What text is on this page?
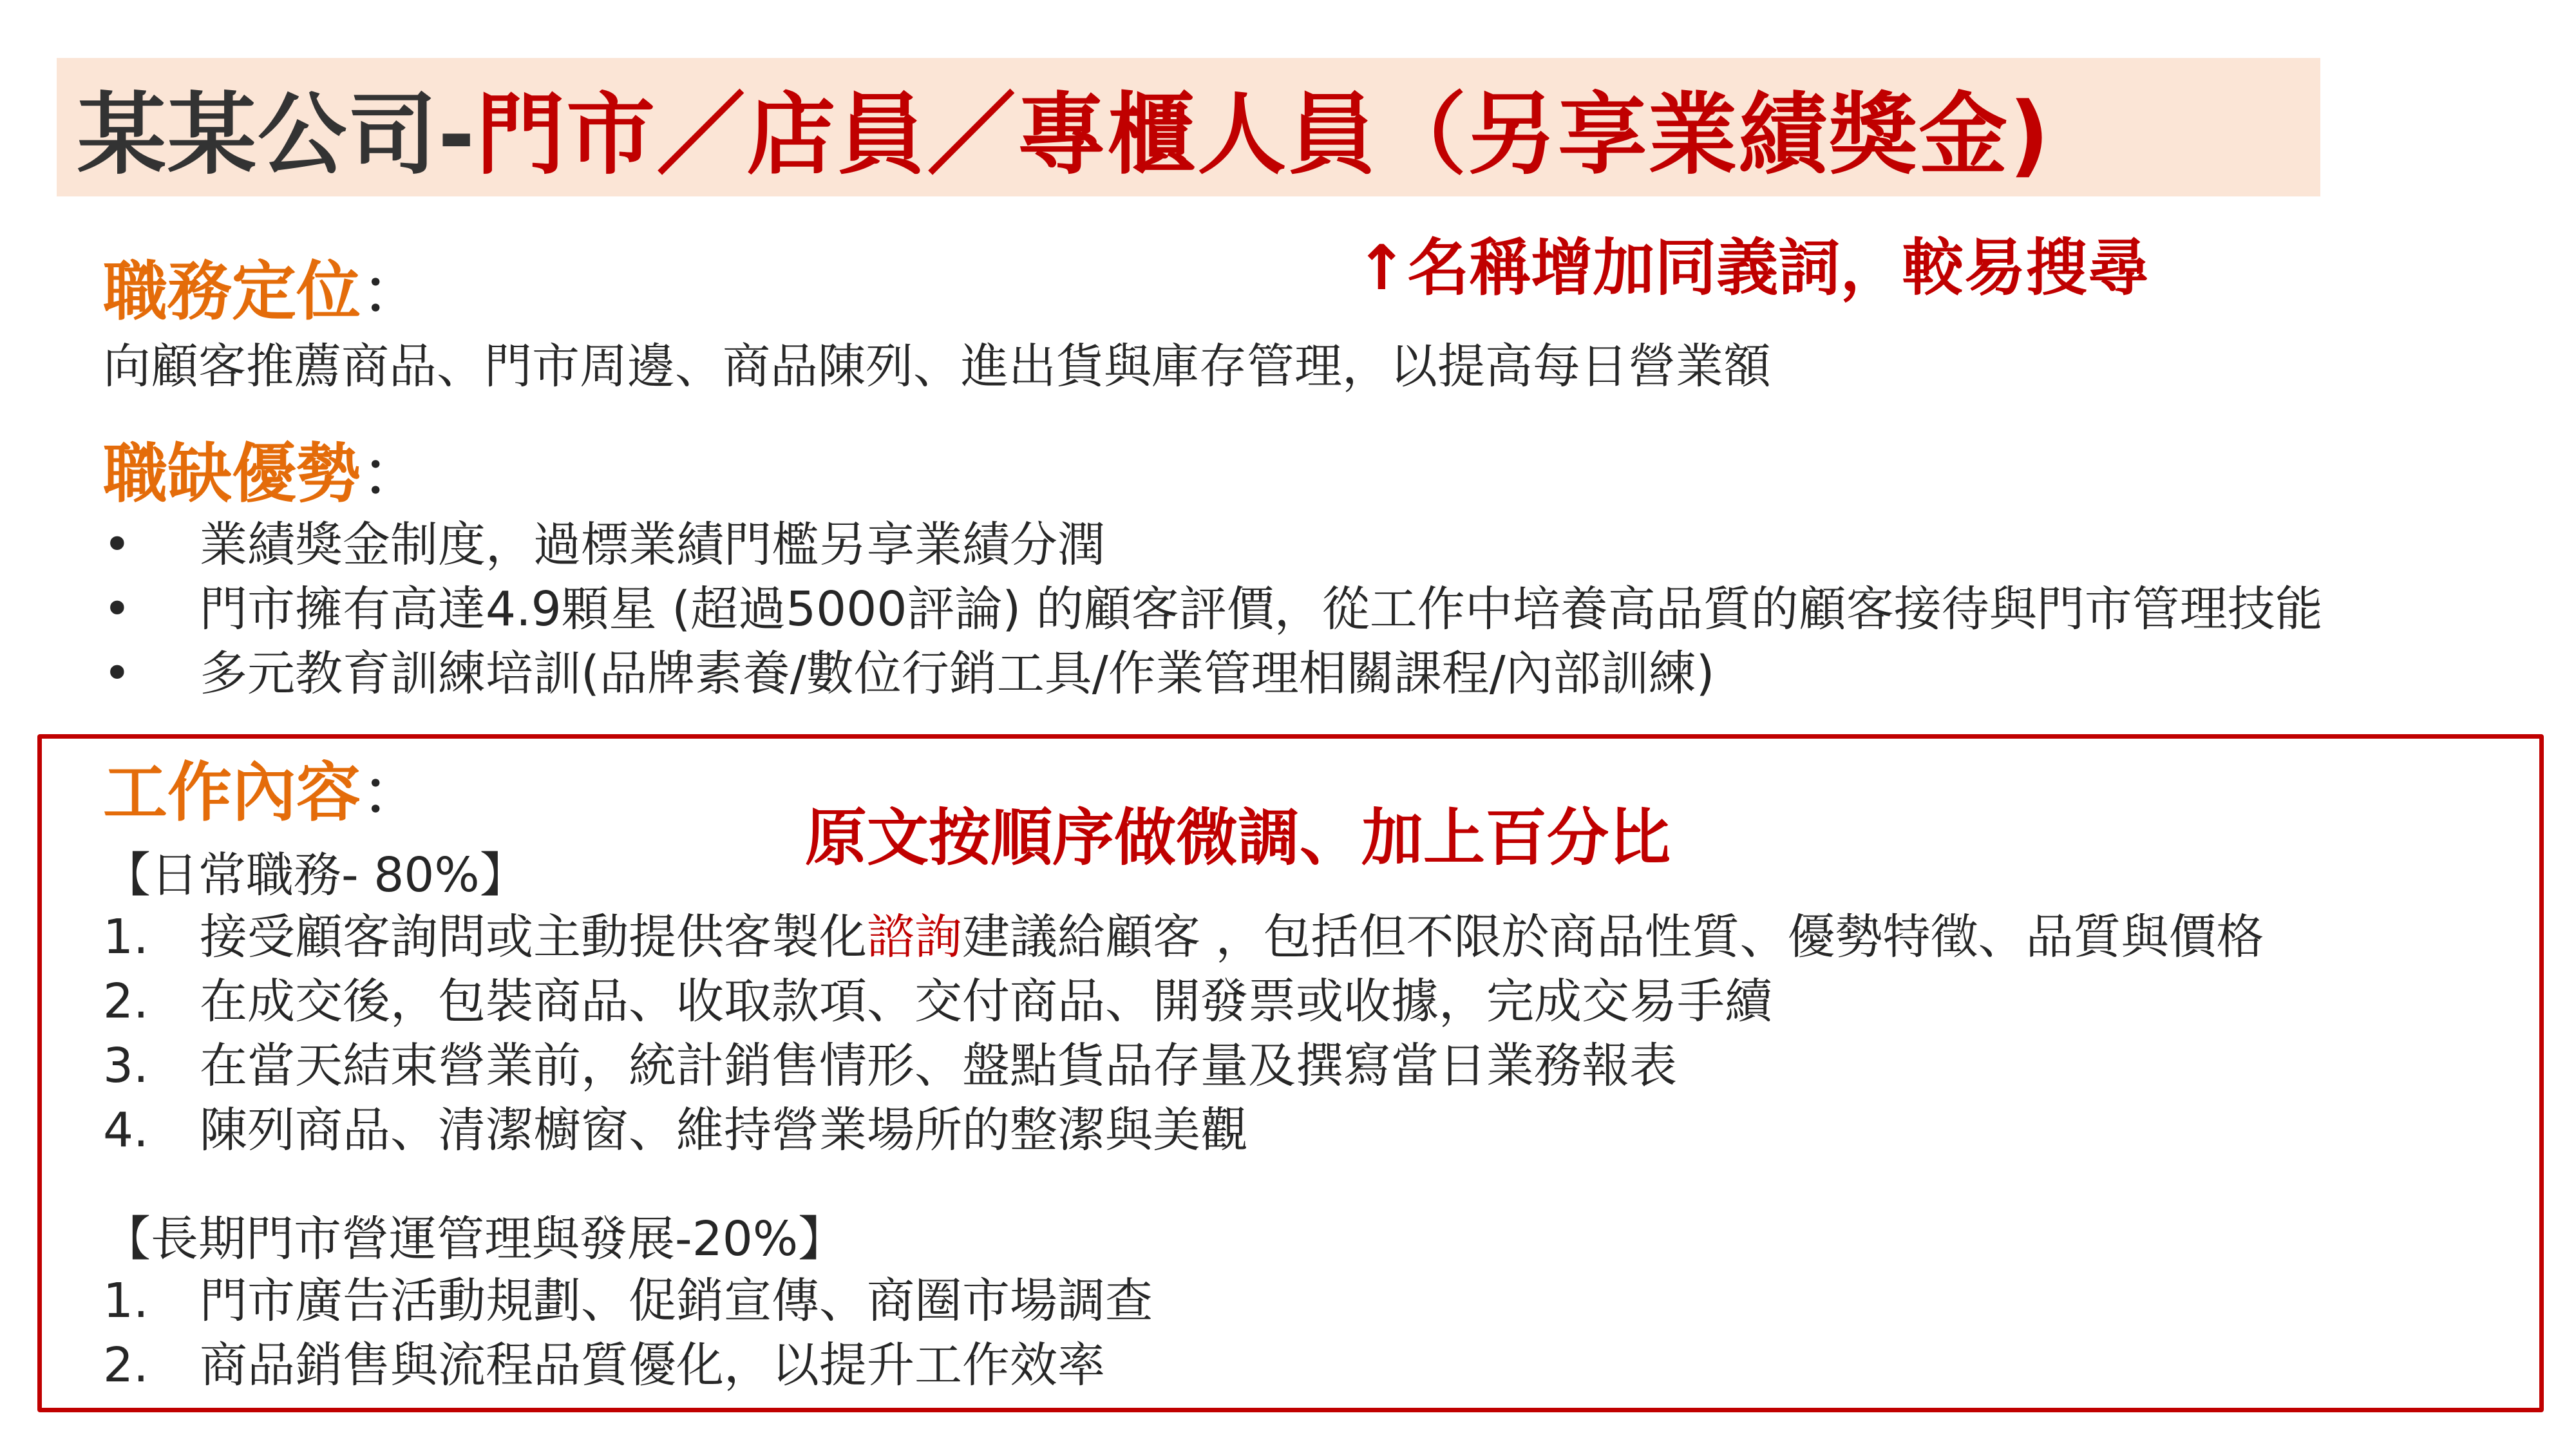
某某公司- 門市／店員／專櫃人員（另享業績獎金)
↑名稱增加同義詞，較易搜尋
職務定位：
向顧客推薦商品、門市周邊、商品陳列、進出貨與庫存管理，以提高每日營業額
職缺優勢：
•	業績獎金制度，過標業績門檻另享業績分潤
•	門市擁有高達4.9顆星 (超過5000評論) 的顧客評價，從工作中培養高品質的顧客接待與門市管理技能
•	多元教育訓練培訓(品牌素養/數位行銷工具/作業管理相關課程/內部訓練)
工作內容：
原文按順序做微調、加上百分比
【日常職務- 80%】
1.	接受顧客詢問或主動提供客製化諮詢建議給顧客 ，包括但不限於商品性質、優勢特徵、品質與價格
2.	在成交後，包裝商品、收取款項、交付商品、開發票或收據，完成交易手續
3.	在當天結束營業前，統計銷售情形、盤點貨品存量及撰寫當日業務報表
4.	陳列商品、清潔櫥窗、維持營業場所的整潔與美觀
【長期門市營運管理與發展-20%】
1.	門市廣告活動規劃、促銷宣傳、商圈市場調查
2.	商品銷售與流程品質優化，以提升工作效率
